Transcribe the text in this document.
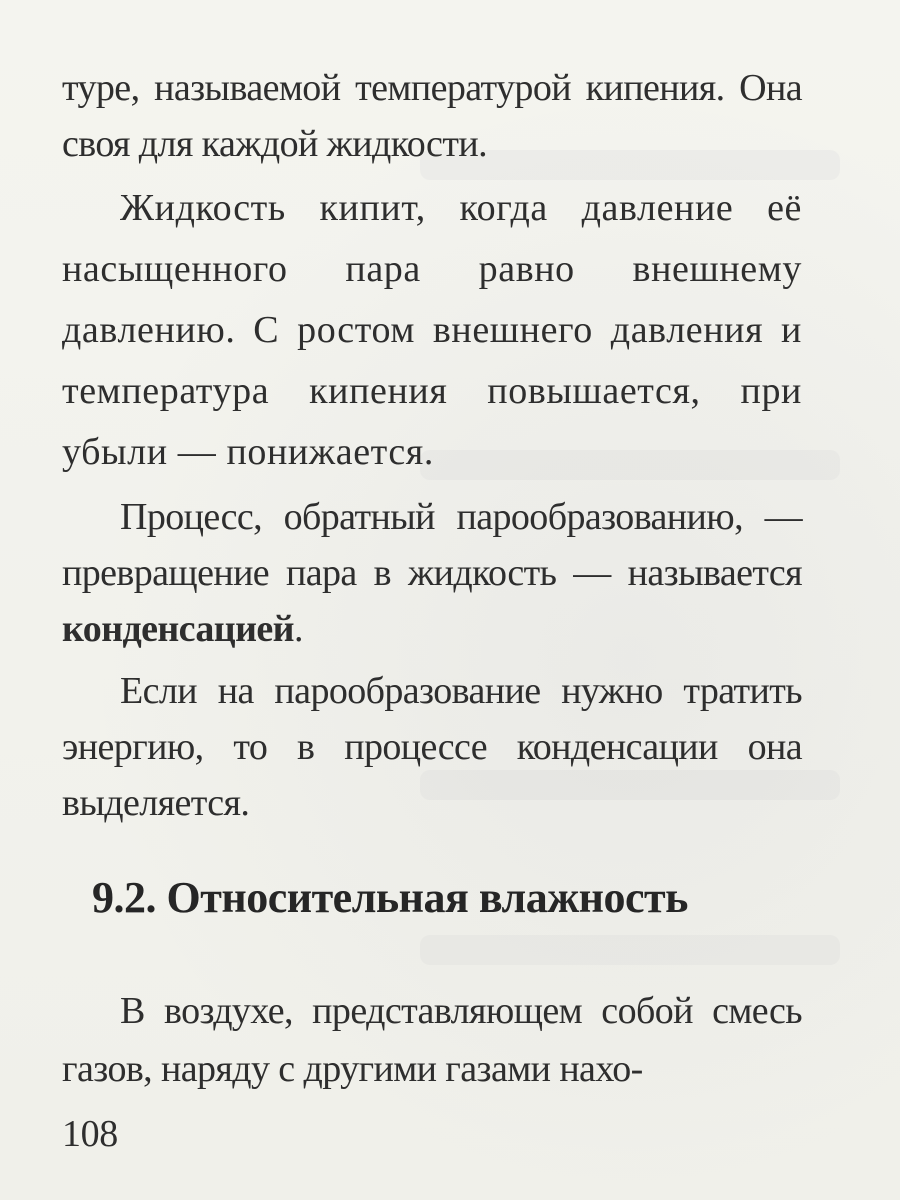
туре, называемой температурой кипения. Она своя для каждой жидкости.

Жидкость кипит, когда давление её насыщенного пара равно внешнему давлению. С ростом внешнего давления и температура кипения повышается, при убыли — понижается.

Процесс, обратный парообразованию, — превращение пара в жидкость — называется конденсацией.

Если на парообразование нужно тратить энергию, то в процессе конденсации она выделяется.

9.2. Относительная влажность

В воздухе, представляющем собой смесь газов, наряду с другими газами нахо-

108
